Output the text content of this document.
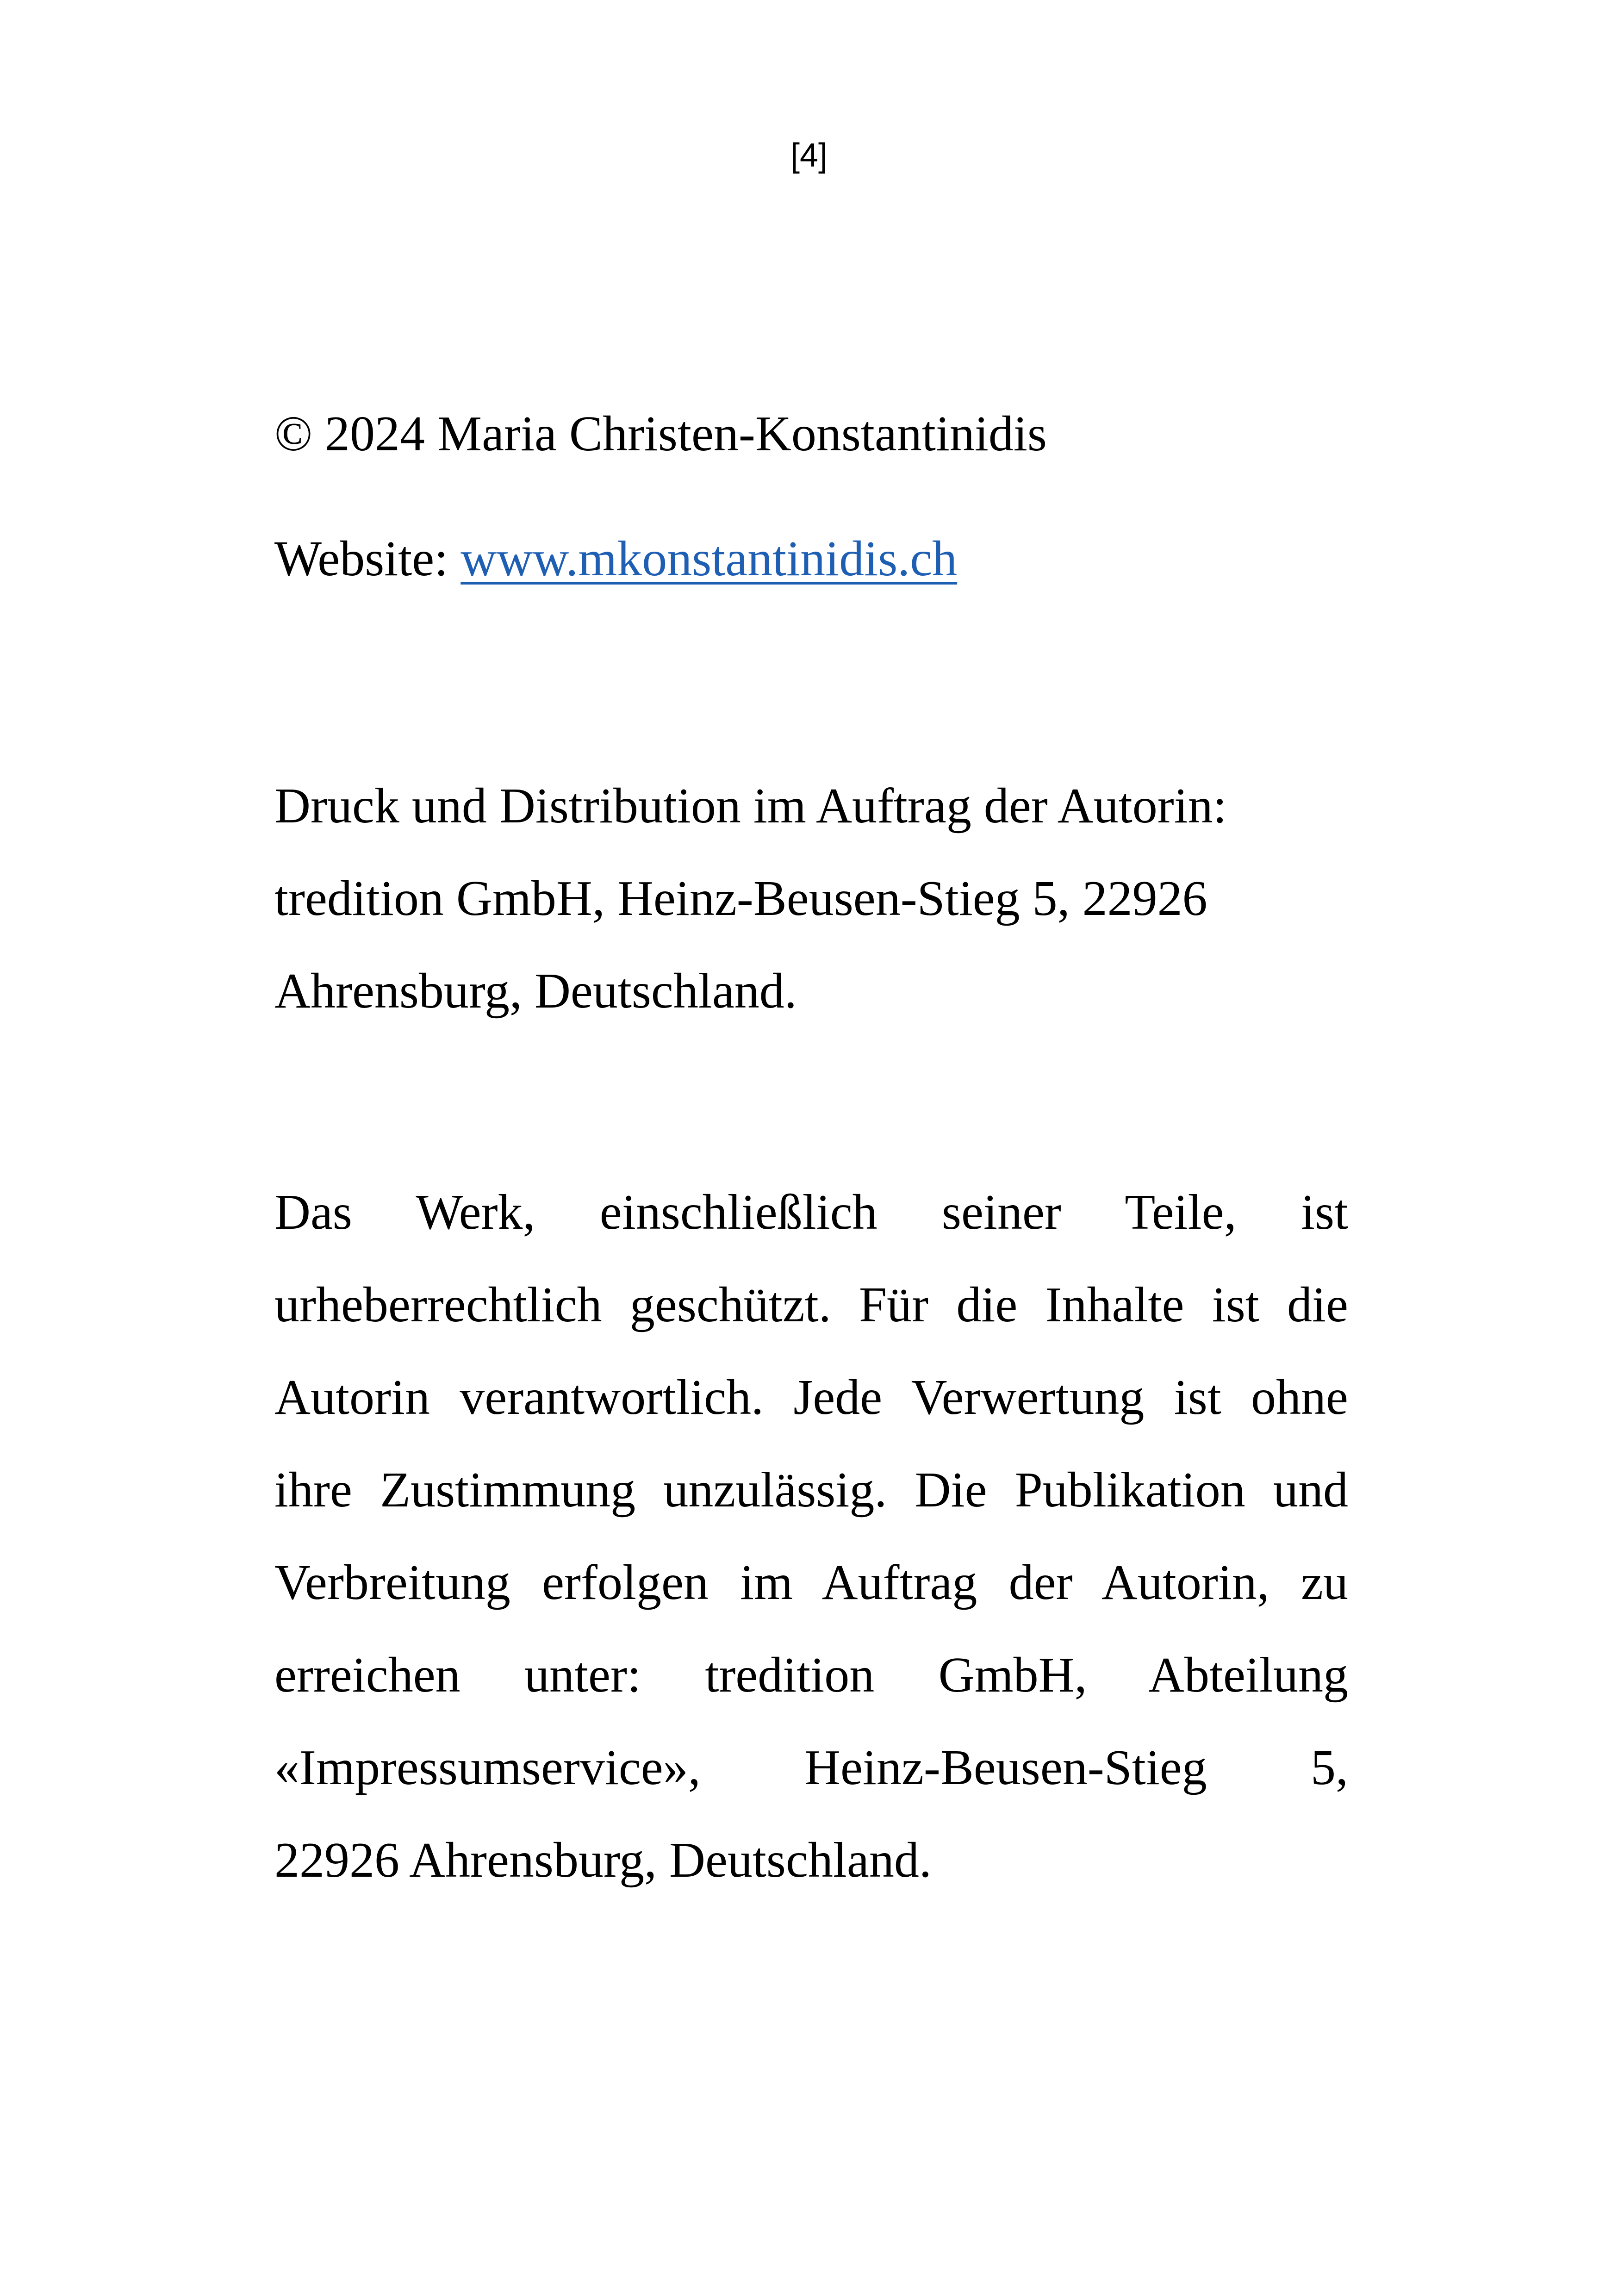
[4]
© 2024 Maria Christen-Konstantinidis
Website: www.mkonstantinidis.ch
Druck und Distribution im Auftrag der Autorin:
tredition GmbH, Heinz-Beusen-Stieg 5, 22926
Ahrensburg, Deutschland.
Das Werk, einschließlich seiner Teile, ist
urheberrechtlich geschützt. Für die Inhalte ist die
Autorin verantwortlich. Jede Verwertung ist ohne
ihre Zustimmung unzulässig. Die Publikation und
Verbreitung erfolgen im Auftrag der Autorin, zu
erreichen unter: tredition GmbH, Abteilung
«Impressumservice», Heinz-Beusen-Stieg 5,
22926 Ahrensburg, Deutschland.
